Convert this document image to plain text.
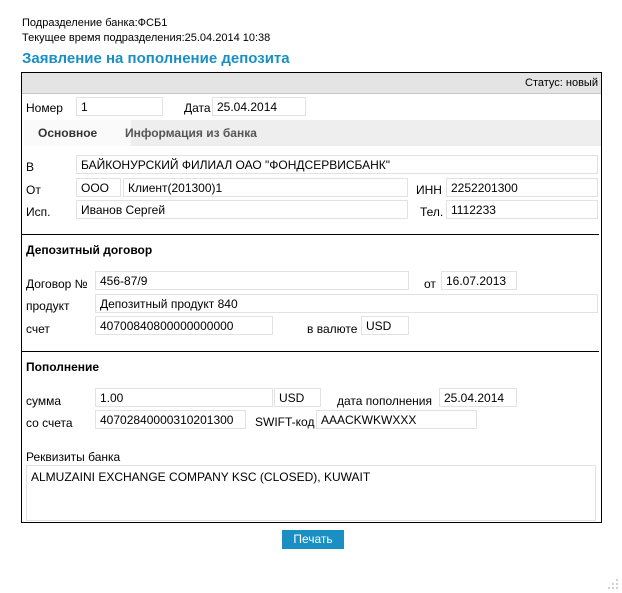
Подразделение банка:ФСБ1
Текущее время подразделения:25.04.2014 10:38
Заявление на пополнение депозита
Статус: новый
Номер	1	Дата 25.04.2014
Основное	Информация из банка
В	БАЙКОНУРСКИЙ ФИЛИАЛ ОАО "ФОНДСЕРВИСБАНК"
От	ООО	Клиент(201300)1	ИНН 2252201300
Исп.	Иванов Сергей	Тел. 1112233
Депозитный договор
Договор №	456-87/9	от 16.07.2013
продукт	Депозитный продукт 840
счет	40700840800000000000	в валюте USD
Пополнение
сумма	1.00	USD	дата пополнения	25.04.2014
со счета	40702840000310201300	SWIFT-код AAACKWKWXXX
Реквизиты банка
ALMUZAINI EXCHANGE COMPANY KSC (CLOSED), KUWAIT
Печать
